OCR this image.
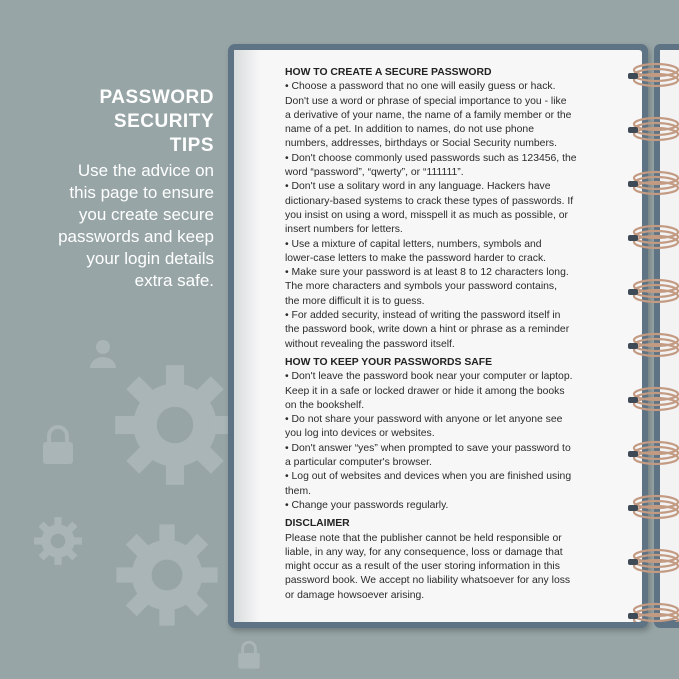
PASSWORD
SECURITY
TIPS
Use the advice on
this page to ensure
you create secure
passwords and keep
your login details
extra safe.
HOW TO CREATE A SECURE PASSWORD

• Choose a password that no one will easily guess or hack.
Don't use a word or phrase of special importance to you - like
a derivative of your name, the name of a family member or the
name of a pet. In addition to names, do not use phone
numbers, addresses, birthdays or Social Security numbers.

• Don't choose commonly used passwords such as 123456, the
word “password”, “qwerty”, or “111111”.

• Don't use a solitary word in any language. Hackers have
dictionary-based systems to crack these types of passwords. If
you insist on using a word, misspell it as much as possible, or
insert numbers for letters.

• Use a mixture of capital letters, numbers, symbols and
lower-case letters to make the password harder to crack.

• Make sure your password is at least 8 to 12 characters long.
The more characters and symbols your password contains,
the more difficult it is to guess.

• For added security, instead of writing the password itself in
the password book, write down a hint or phrase as a reminder
without revealing the password itself.

HOW TO KEEP YOUR PASSWORDS SAFE

• Don't leave the password book near your computer or laptop.
Keep it in a safe or locked drawer or hide it among the books
on the bookshelf.

• Do not share your password with anyone or let anyone see
you log into devices or websites.

• Don't answer “yes” when prompted to save your password to
a particular computer's browser.

• Log out of websites and devices when you are finished using
them.

• Change your passwords regularly.

DISCLAIMER

Please note that the publisher cannot be held responsible or
liable, in any way, for any consequence, loss or damage that
might occur as a result of the user storing information in this
password book. We accept no liability whatsoever for any loss
or damage howsoever arising.
